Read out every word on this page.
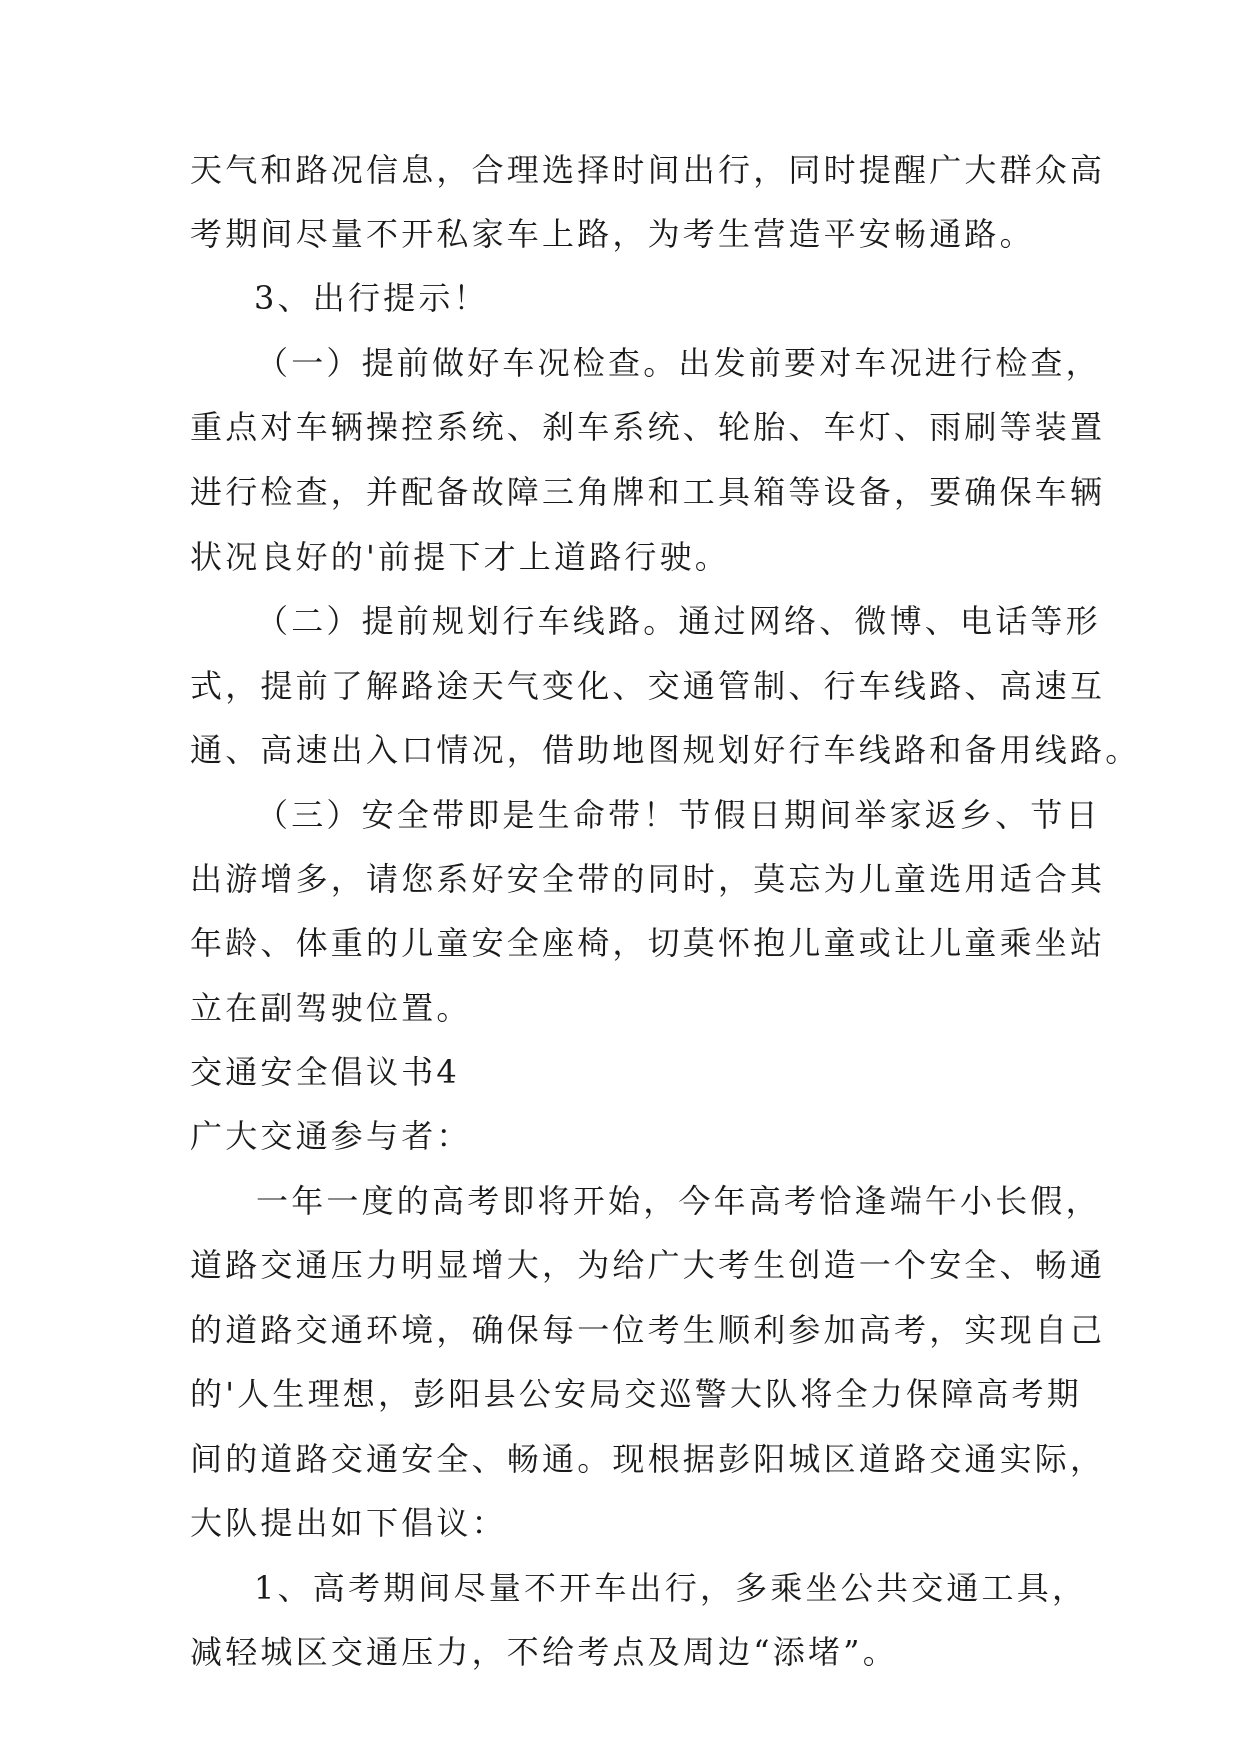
天气和路况信息，合理选择时间出行，同时提醒广大群众高
考期间尽量不开私家车上路，为考生营造平安畅通路。
3、出行提示！
（一）提前做好车况检查。出发前要对车况进行检查，
重点对车辆操控系统、刹车系统、轮胎、车灯、雨刷等装置
进行检查，并配备故障三角牌和工具箱等设备，要确保车辆
状况良好的'前提下才上道路行驶。
（二）提前规划行车线路。通过网络、微博、电话等形
式，提前了解路途天气变化、交通管制、行车线路、高速互
通、高速出入口情况，借助地图规划好行车线路和备用线路。
（三）安全带即是生命带！节假日期间举家返乡、节日
出游增多，请您系好安全带的同时，莫忘为儿童选用适合其
年龄、体重的儿童安全座椅，切莫怀抱儿童或让儿童乘坐站
立在副驾驶位置。
交通安全倡议书4
广大交通参与者：
一年一度的高考即将开始，今年高考恰逢端午小长假，
道路交通压力明显增大，为给广大考生创造一个安全、畅通
的道路交通环境，确保每一位考生顺利参加高考，实现自己
的'人生理想，彭阳县公安局交巡警大队将全力保障高考期
间的道路交通安全、畅通。现根据彭阳城区道路交通实际，
大队提出如下倡议：
1、高考期间尽量不开车出行，多乘坐公共交通工具，
减轻城区交通压力，不给考点及周边“添堵”。
